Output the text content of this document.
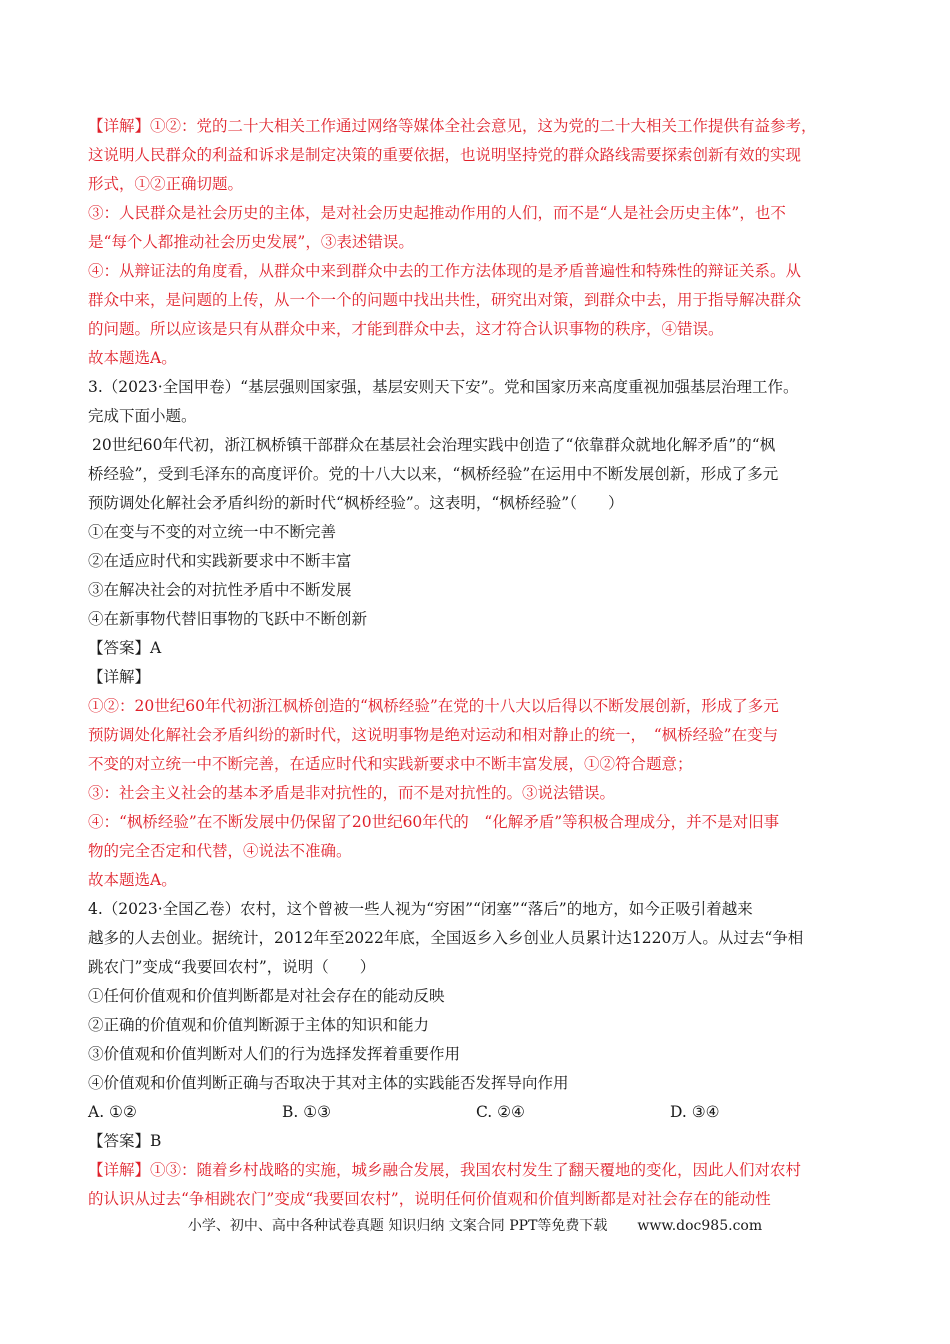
【详解】①②：党的二十大相关工作通过网络等媒体全社会意见，这为党的二十大相关工作提供有益参考，
这说明人民群众的利益和诉求是制定决策的重要依据，也说明坚持党的群众路线需要探索创新有效的实现
形式，①②正确切题。
③：人民群众是社会历史的主体，是对社会历史起推动作用的人们，而不是“人是社会历史主体”，也不
是“每个人都推动社会历史发展”，③表述错误。
④：从辩证法的角度看，从群众中来到群众中去的工作方法体现的是矛盾普遍性和特殊性的辩证关系。从
群众中来，是问题的上传，从一个一个的问题中找出共性，研究出对策，到群众中去，用于指导解决群众
的问题。所以应该是只有从群众中来，才能到群众中去，这才符合认识事物的秩序，④错误。
故本题选A。
3.（2023·全国甲卷）“基层强则国家强，基层安则天下安”。党和国家历来高度重视加强基层治理工作。
完成下面小题。
20世纪60年代初，浙江枫桥镇干部群众在基层社会治理实践中创造了“依靠群众就地化解矛盾”的“枫
桥经验”，受到毛泽东的高度评价。党的十八大以来，“枫桥经验”在运用中不断发展创新，形成了多元
预防调处化解社会矛盾纠纷的新时代“枫桥经验”。这表明，“枫桥经验”（　　）
①在变与不变的对立统一中不断完善
②在适应时代和实践新要求中不断丰富
③在解决社会的对抗性矛盾中不断发展
④在新事物代替旧事物的飞跃中不断创新
【答案】A
【详解】
①②：20世纪60年代初浙江枫桥创造的“枫桥经验”在党的十八大以后得以不断发展创新，形成了多元
预防调处化解社会矛盾纠纷的新时代，这说明事物是绝对运动和相对静止的统一，　“枫桥经验”在变与
不变的对立统一中不断完善，在适应时代和实践新要求中不断丰富发展，①②符合题意；
③：社会主义社会的基本矛盾是非对抗性的，而不是对抗性的。③说法错误。
④：“枫桥经验”在不断发展中仍保留了20世纪60年代的　“化解矛盾”等积极合理成分，并不是对旧事
物的完全否定和代替，④说法不准确。
故本题选A。
4.（2023·全国乙卷）农村，这个曾被一些人视为“穷困”“闭塞”“落后”的地方，如今正吸引着越来
越多的人去创业。据统计，2012年至2022年底，全国返乡入乡创业人员累计达1220万人。从过去“争相
跳农门”变成“我要回农村”，说明（　　）
①任何价值观和价值判断都是对社会存在的能动反映
②正确的价值观和价值判断源于主体的知识和能力
③价值观和价值判断对人们的行为选择发挥着重要作用
④价值观和价值判断正确与否取决于其对主体的实践能否发挥导向作用
A. ①②	B. ①③	C. ②④	D. ③④
【答案】B
【详解】①③：随着乡村战略的实施，城乡融合发展，我国农村发生了翻天覆地的变化，因此人们对农村
的认识从过去“争相跳农门”变成“我要回农村”，说明任何价值观和价值判断都是对社会存在的能动性
小学、初中、高中各种试卷真题 知识归纳 文案合同 PPT等免费下载 www.doc985.com
